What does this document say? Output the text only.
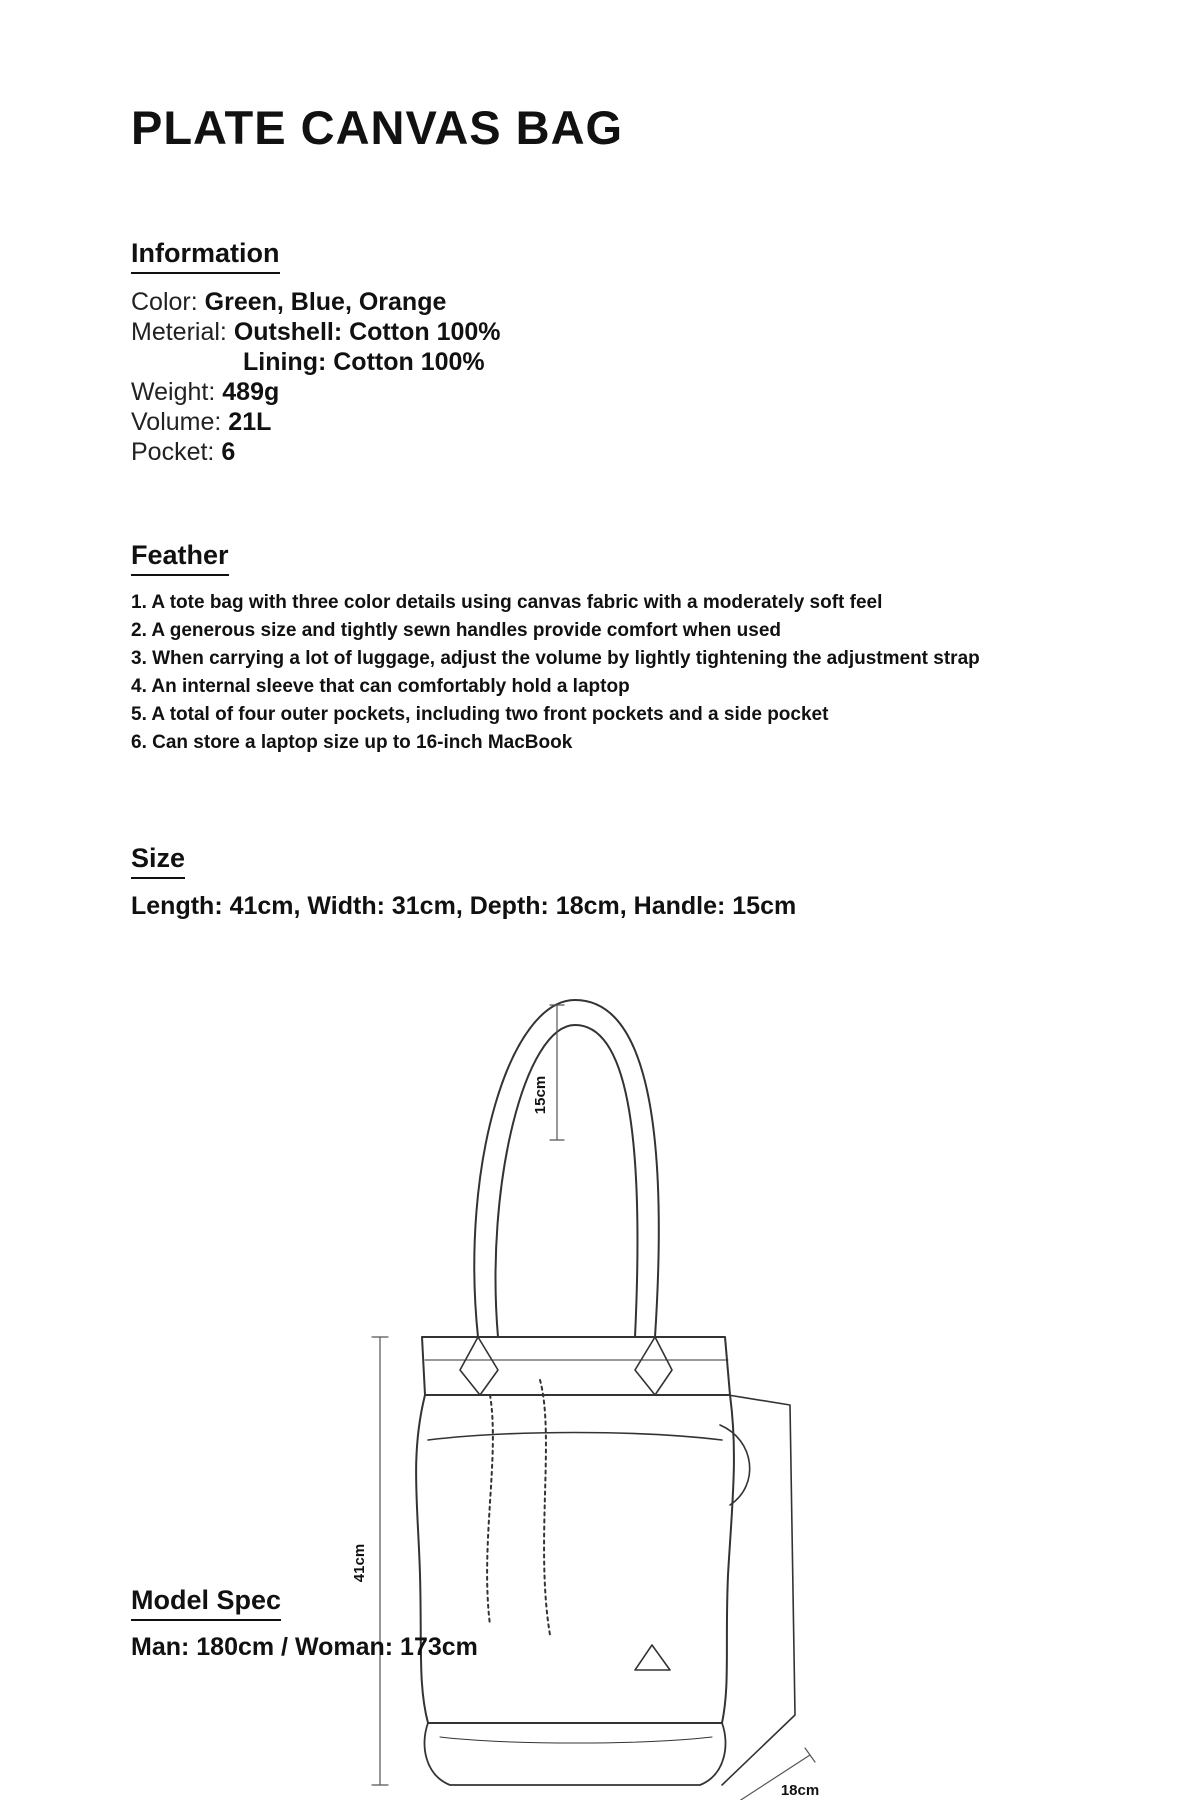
PLATE CANVAS BAG
Information
Color: Green, Blue, Orange
Meterial: Outshell: Cotton 100%
Lining: Cotton 100%
Weight: 489g
Volume: 21L
Pocket: 6
Feather
1. A tote bag with three color details using canvas fabric with a moderately soft feel
2. A generous size and tightly sewn handles provide comfort when used
3. When carrying a lot of luggage, adjust the volume by lightly tightening the adjustment strap
4. An internal sleeve that can comfortably hold a laptop
5. A total of four outer pockets, including two front pockets and a side pocket
6. Can store a laptop size up to 16-inch MacBook
Size
Length: 41cm, Width: 31cm, Depth: 18cm, Handle: 15cm
15cm
41cm
18cm
Model Spec
Man: 180cm / Woman: 173cm
